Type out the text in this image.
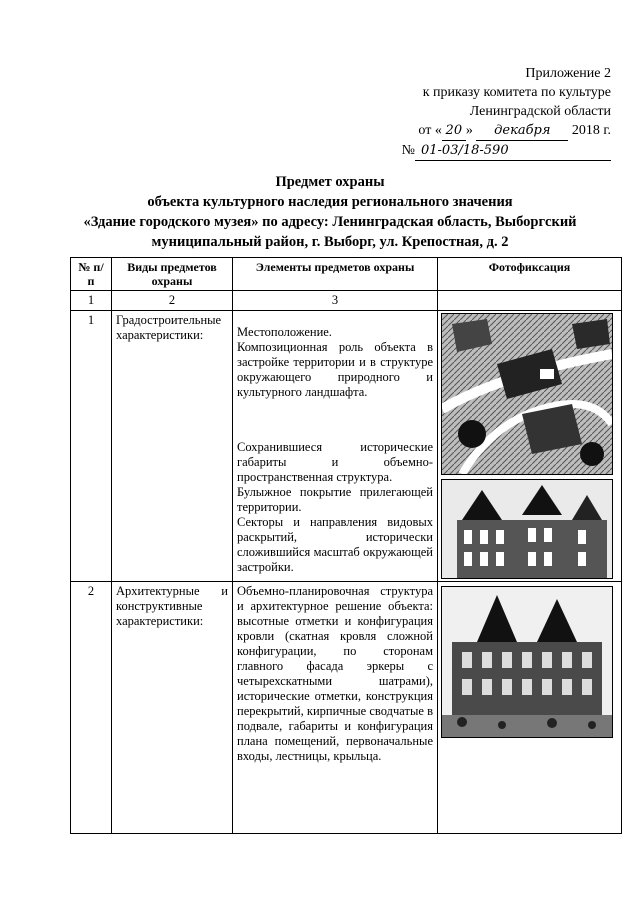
Приложение 2
к приказу комитета по культуре
Ленинградской области
от « 20 » декабря 2018 г.
№ 01-03/18-590
Предмет охраны
объекта культурного наследия регионального значения
«Здание городского музея» по адресу: Ленинградская область, Выборгский
муниципальный район, г. Выборг, ул. Крепостная, д. 2
№ п/п	Виды предметов охраны	Элементы предметов охраны	Фотофиксация
1	2	3	
1	Градостроительные характеристики:	Местоположение.
Композиционная роль объекта в застройке территории и в структуре окружающего природного и культурного ландшафта.
Сохранившиеся исторические габариты и объемно-пространственная структура.
Булыжное покрытие прилегающей территории.
Секторы и направления видовых раскрытий, исторически сложившийся масштаб окружающей застройки.

2	Архитектурные и конструктивные характеристики:	Объемно-планировочная структура и архитектурное решение объекта: высотные отметки и конфигурация кровли (скатная кровля сложной конфигурации, по сторонам главного фасада эркеры с четырехскатными шатрами), исторические отметки, конструкция перекрытий, кирпичные сводчатые в подвале, габариты и конфигурация плана помещений, первоначальные входы, лестницы, крыльца.	
